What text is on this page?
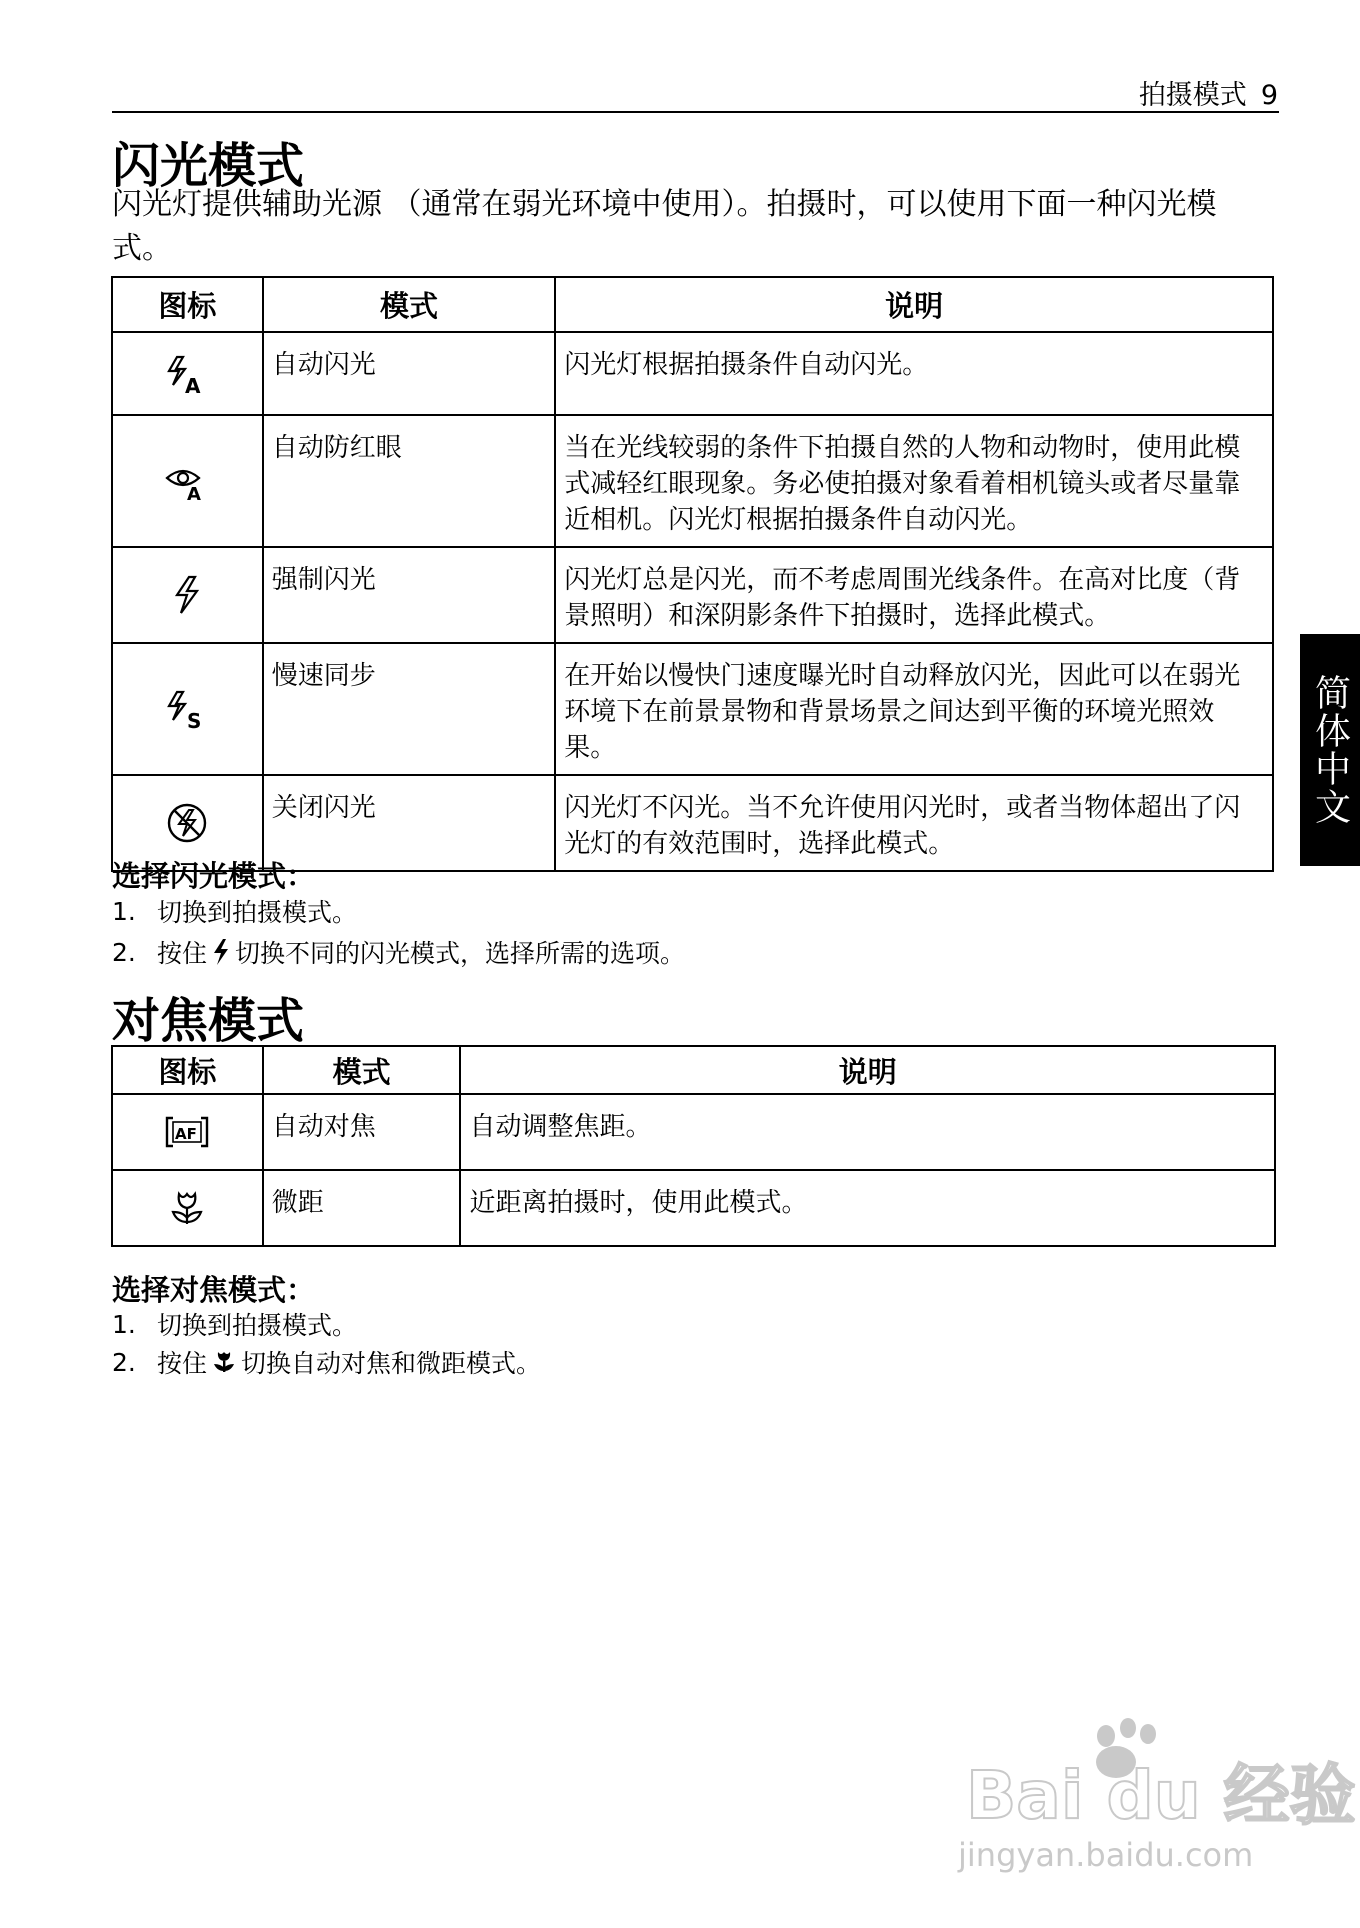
拍摄模式 9
简体中文
闪光模式
闪光灯提供辅助光源 （通常在弱光环境中使用）。拍摄时，可以使用下面一种闪光模式。
图标	模式	说明

A	自动闪光	闪光灯根据拍摄条件自动闪光。

A	自动防红眼	当在光线较弱的条件下拍摄自然的人物和动物时，使用此模式减轻红眼现象。务必使拍摄对象看着相机镜头或者尽量靠近相机。闪光灯根据拍摄条件自动闪光。

	强制闪光	闪光灯总是闪光，而不考虑周围光线条件。在高对比度（背景照明）和深阴影条件下拍摄时，选择此模式。

S	慢速同步	在开始以慢快门速度曝光时自动释放闪光，因此可以在弱光环境下在前景景物和背景场景之间达到平衡的环境光照效果。

	关闭闪光	闪光灯不闪光。当不允许使用闪光时，或者当物体超出了闪光灯的有效范围时，选择此模式。
选择闪光模式：
1. 切换到拍摄模式。
2. 按住 切换不同的闪光模式，选择所需的选项。
对焦模式
图标	模式	说明

AF	自动对焦	自动调整焦距。

	微距	近距离拍摄时，使用此模式。
选择对焦模式：
1. 切换到拍摄模式。
2. 按住 切换自动对焦和微距模式。
Bai du 经验
jingyan.baidu.com
